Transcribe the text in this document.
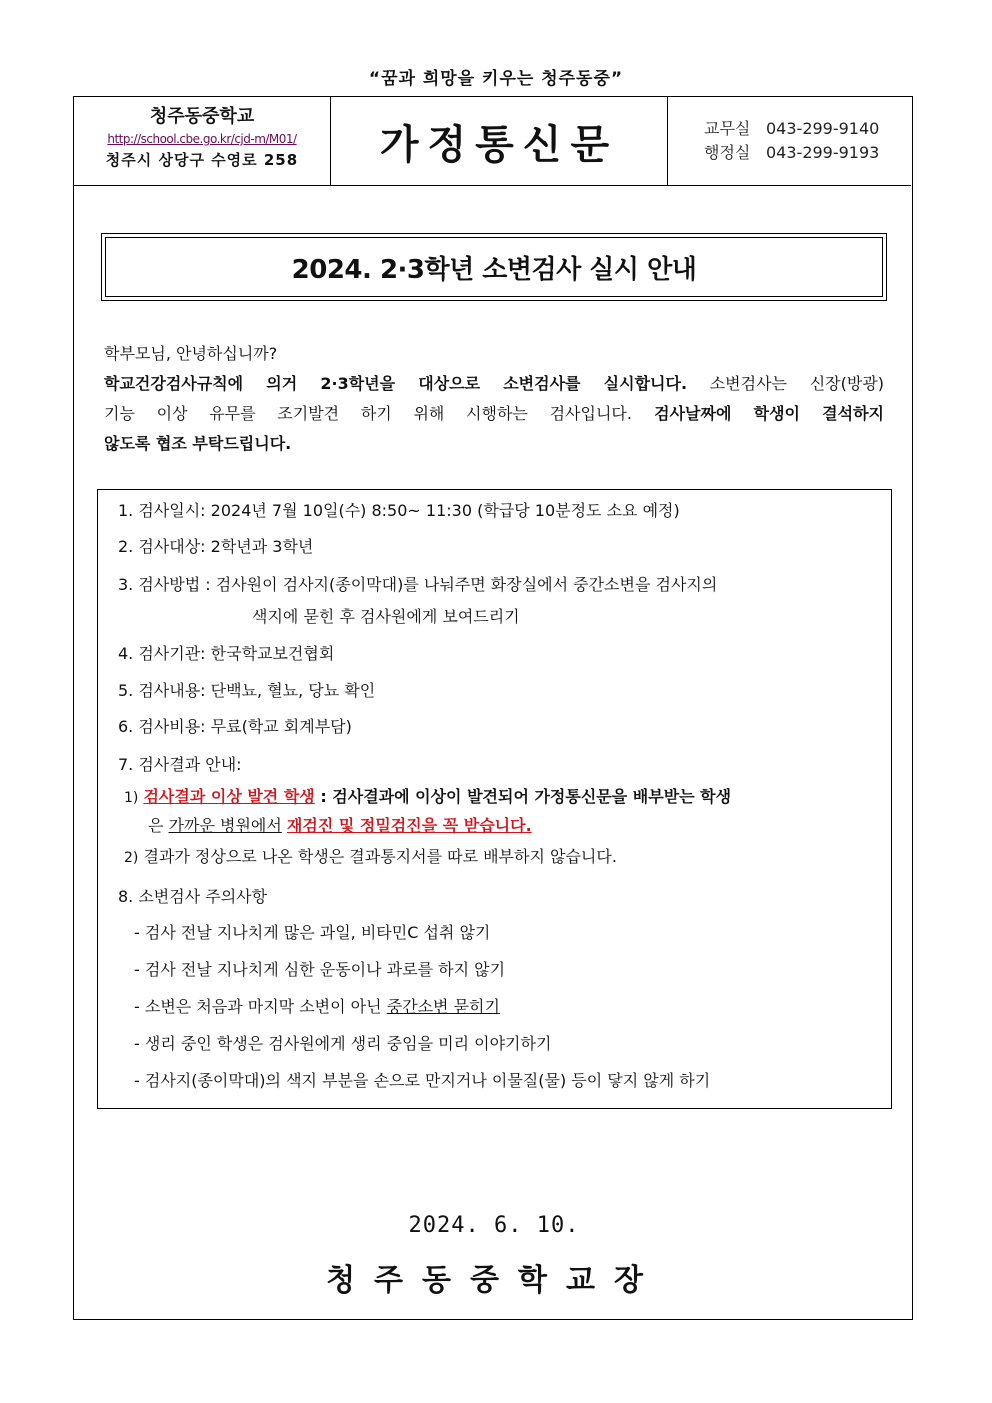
“꿈과 희망을 키우는 청주동중”
청주동중학교
http://school.cbe.go.kr/cjd-m/M01/
청주시 상당구 수영로 258	가정통신문	교무실 043-299-9140
행정실 043-299-9193
2024. 2·3학년 소변검사 실시 안내

학부모님, 안녕하십니까?

학교건강검사규칙에 의거 2·3학년을 대상으로 소변검사를 실시합니다. 소변검사는 신장(방광)

기능 이상 유무를 조기발견 하기 위해 시행하는 검사입니다. 검사날짜에 학생이 결석하지

않도록 협조 부탁드립니다.

1. 검사일시: 2024년 7월 10일(수) 8:50~ 11:30 (학급당 10분정도 소요 예정)
2. 검사대상: 2학년과 3학년
3. 검사방법 : 검사원이 검사지(종이막대)를 나눠주면 화장실에서 중간소변을 검사지의
색지에 묻힌 후 검사원에게 보여드리기
4. 검사기관: 한국학교보건협회
5. 검사내용: 단백뇨, 혈뇨, 당뇨 확인
6. 검사비용: 무료(학교 회계부담)
7. 검사결과 안내:
1) 검사결과 이상 발견 학생 : 검사결과에 이상이 발견되어 가정통신문을 배부받는 학생
은 가까운 병원에서 재검진 및 정밀검진을 꼭 받습니다.
2) 결과가 정상으로 나온 학생은 결과통지서를 따로 배부하지 않습니다.
8. 소변검사 주의사항
- 검사 전날 지나치게 많은 과일, 비타민C 섭취 않기
- 검사 전날 지나치게 심한 운동이나 과로를 하지 않기
- 소변은 처음과 마지막 소변이 아닌 중간소변 묻히기
- 생리 중인 학생은 검사원에게 생리 중임을 미리 이야기하기
- 검사지(종이막대)의 색지 부분을 손으로 만지거나 이물질(물) 등이 닿지 않게 하기
2024. 6. 10.
청주동중학교장
